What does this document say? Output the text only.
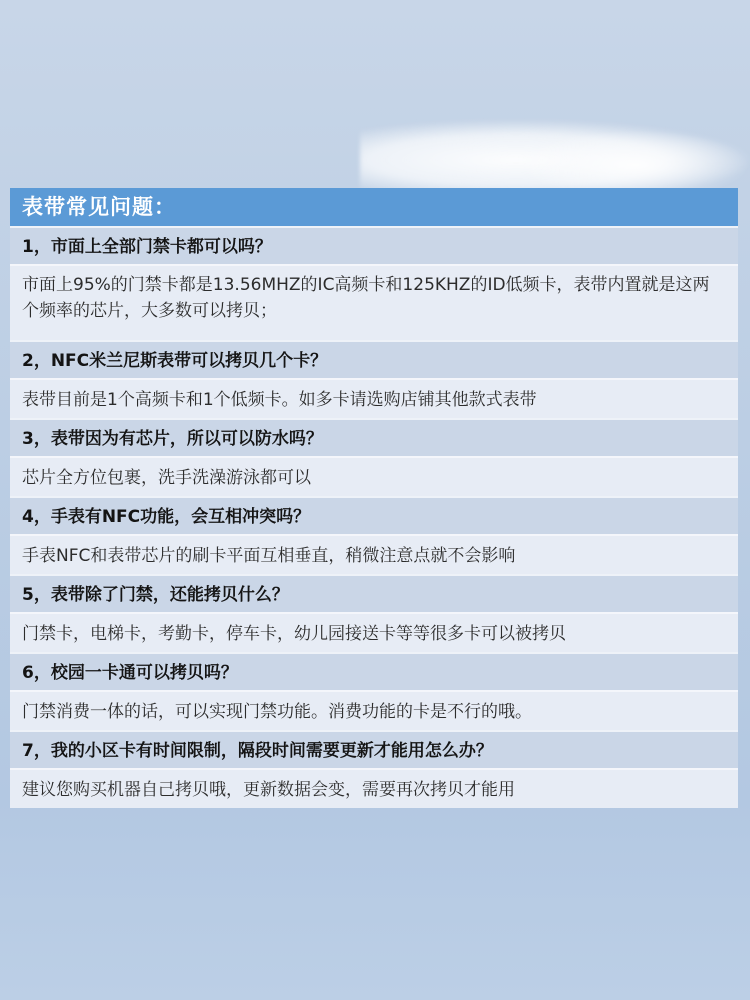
表带常见问题：
1，市面上全部门禁卡都可以吗？
市面上95%的门禁卡都是13.56MHZ的IC高频卡和125KHZ的ID低频卡，表带内置就是这两个频率的芯片，大多数可以拷贝；
2，NFC米兰尼斯表带可以拷贝几个卡？
表带目前是1个高频卡和1个低频卡。如多卡请选购店铺其他款式表带
3，表带因为有芯片，所以可以防水吗？
芯片全方位包裹，洗手洗澡游泳都可以
4，手表有NFC功能，会互相冲突吗？
手表NFC和表带芯片的刷卡平面互相垂直，稍微注意点就不会影响
5，表带除了门禁，还能拷贝什么？
门禁卡，电梯卡，考勤卡，停车卡，幼儿园接送卡等等很多卡可以被拷贝
6，校园一卡通可以拷贝吗？
门禁消费一体的话，可以实现门禁功能。消费功能的卡是不行的哦。
7，我的小区卡有时间限制，隔段时间需要更新才能用怎么办？
建议您购买机器自己拷贝哦，更新数据会变，需要再次拷贝才能用
